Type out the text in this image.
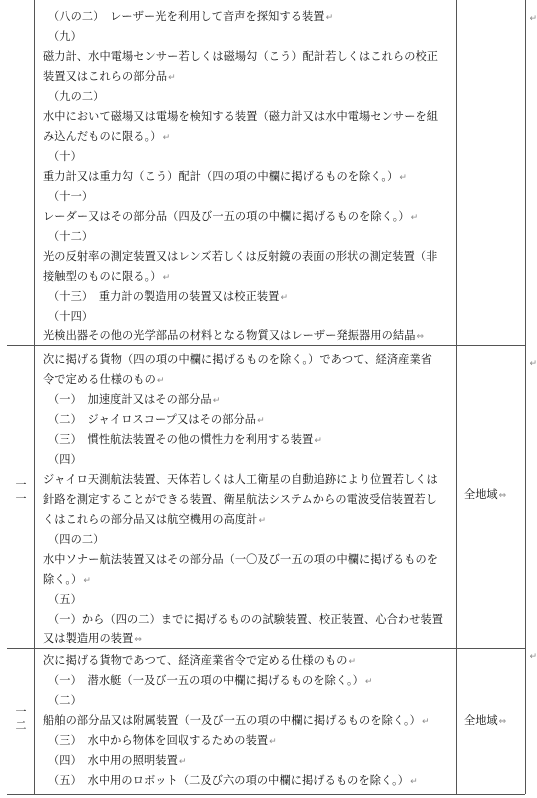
（八の二）　レーザー光を利用して音声を探知する装置↵
（九）
磁力計、水中電場センサー若しくは磁場勾（こう）配計若しくはこれらの校正
装置又はこれらの部分品↵
（九の二）
水中において磁場又は電場を検知する装置（磁力計又は水中電場センサーを組
み込んだものに限る。）↵
（十）
重力計又は重力勾（こう）配計（四の項の中欄に掲げるものを除く。）↵
（十一）
レーダー又はその部分品（四及び一五の項の中欄に掲げるものを除く。）↵
（十二）
光の反射率の測定装置又はレンズ若しくは反射鏡の表面の形状の測定装置（非
接触型のものに限る。）↵
（十三）　重力計の製造用の装置又は校正装置↵
（十四）
光検出器その他の光学部品の材料となる物質又はレーザー発振器用の結晶⇔
↵
一
一
次に掲げる貨物（四の項の中欄に掲げるものを除く。）であつて、経済産業省
令で定める仕様のもの↵
（一）　加速度計又はその部分品↵
（二）　ジャイロスコープ又はその部分品↵
（三）　慣性航法装置その他の慣性力を利用する装置↵
（四）
ジャイロ天測航法装置、天体若しくは人工衛星の自動追跡により位置若しくは
針路を測定することができる装置、衛星航法システムからの電波受信装置若し
くはこれらの部分品又は航空機用の高度計↵
（四の二）
水中ソナー航法装置又はその部分品（一〇及び一五の項の中欄に掲げるものを
除く。）↵
（五）
（一）から（四の二）までに掲げるものの試験装置、校正装置、心合わせ装置
又は製造用の装置⇔
全地域⇔
↵
一
二
次に掲げる貨物であつて、経済産業省令で定める仕様のもの↵
（一）　潜水艇（一及び一五の項の中欄に掲げるものを除く。）↵
（二）
船舶の部分品又は附属装置（一及び一五の項の中欄に掲げるものを除く。）↵
（三）　水中から物体を回収するための装置↵
（四）　水中用の照明装置↵
（五）　水中用のロボット（二及び六の項の中欄に掲げるものを除く。）↵
全地域⇔
↵
